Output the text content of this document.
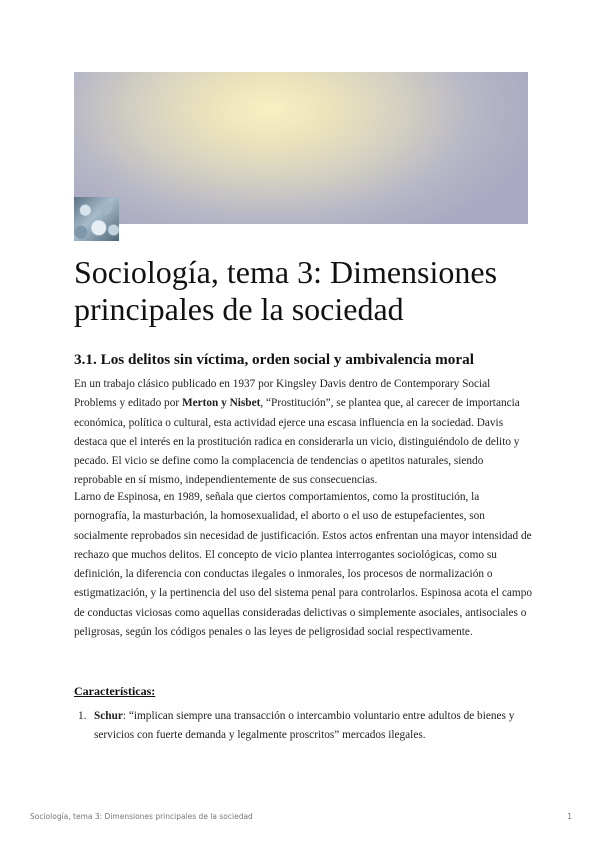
Sociología, tema 3: Dimensiones principales de la sociedad
3.1. Los delitos sin víctima, orden social y ambivalencia moral

En un trabajo clásico publicado en 1937 por Kingsley Davis dentro de Contemporary Social Problems y editado por Merton y Nisbet, “Prostitución”, se plantea que, al carecer de importancia económica, política o cultural, esta actividad ejerce una escasa influencia en la sociedad. Davis destaca que el interés en la prostitución radica en considerarla un vicio, distinguiéndolo de delito y pecado. El vicio se define como la complacencia de tendencias o apetitos naturales, siendo reprobable en sí mismo, independientemente de sus consecuencias.

Larno de Espinosa, en 1989, señala que ciertos comportamientos, como la prostitución, la pornografía, la masturbación, la homosexualidad, el aborto o el uso de estupefacientes, son socialmente reprobados sin necesidad de justificación. Estos actos enfrentan una mayor intensidad de rechazo que muchos delitos. El concepto de vicio plantea interrogantes sociológicas, como su definición, la diferencia con conductas ilegales o inmorales, los procesos de normalización o estigmatización, y la pertinencia del uso del sistema penal para controlarlos. Espinosa acota el campo de conductas viciosas como aquellas consideradas delictivas o simplemente asociales, antisociales o peligrosas, según los códigos penales o las leyes de peligrosidad social respectivamente.

Características:

1. Schur: “implican siempre una transacción o intercambio voluntario entre adultos de bienes y servicios con fuerte demanda y legalmente proscritos” mercados ilegales.
Sociología, tema 3: Dimensiones principales de la sociedad	1
